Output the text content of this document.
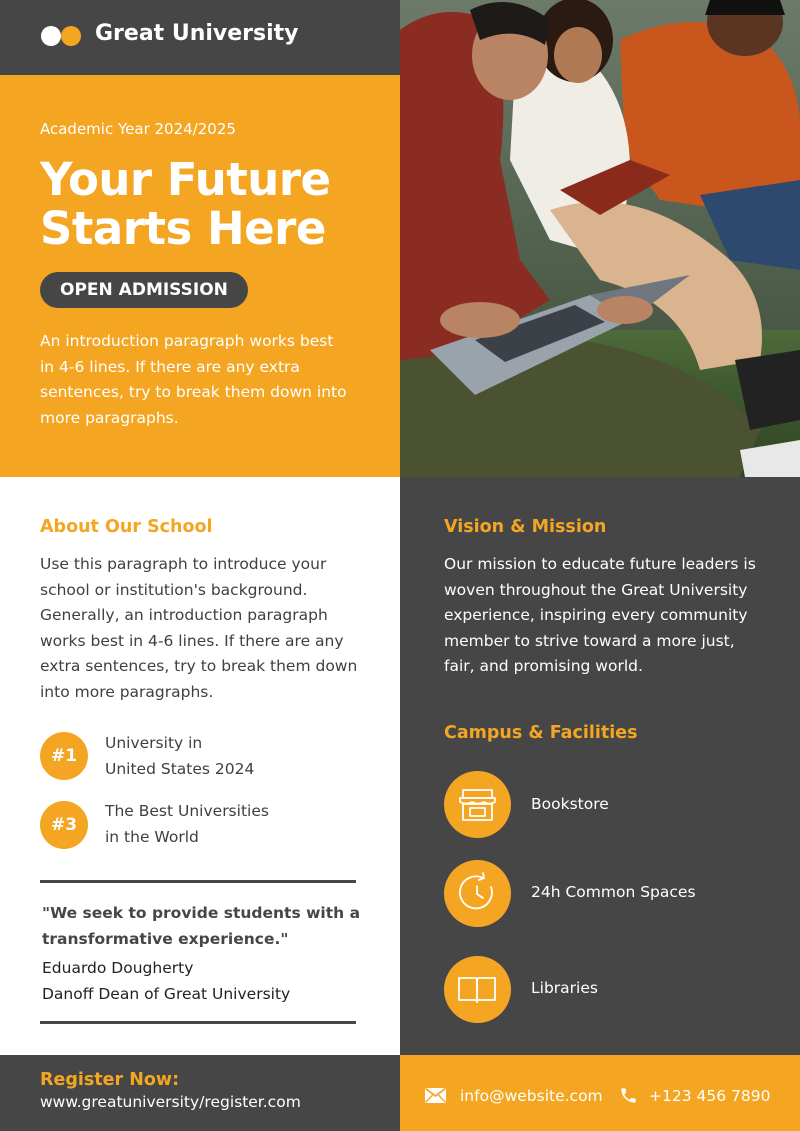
Great University
Academic Year 2024/2025
Your Future Starts Here
OPEN ADMISSION
An introduction paragraph works best in 4-6 lines. If there are any extra sentences, try to break them down into more paragraphs.
About Our School
Use this paragraph to introduce your school or institution's background. Generally, an introduction paragraph works best in 4-6 lines. If there are any extra sentences, try to break them down into more paragraphs.
#1
University in
United States 2024
#3
The Best Universities
in the World
"We seek to provide students with a transformative experience."
Eduardo Dougherty
Danoff Dean of Great University
Vision & Mission
Our mission to educate future leaders is woven throughout the Great University experience, inspiring every community member to strive toward a more just, fair, and promising world.
Campus & Facilities
Bookstore
24h Common Spaces
Libraries
Register Now:
www.greatuniversity/register.com	info@website.com	+123 456 7890
